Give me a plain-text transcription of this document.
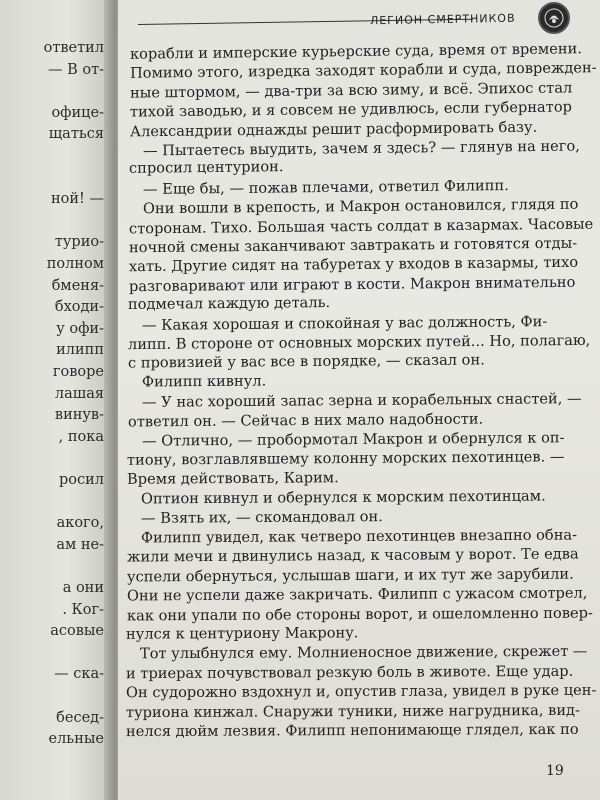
ответил
— В от-
офице-
щаться
ной! —
турио-
полном
бменя-
бходи-
у офи-
илипп
говоре
лашая
винув-
, пока
росил
акого,
ам не-
а они
. Ког-
асовые
— ска-
бесед-
ельные
ЛЕГИОН СМЕРТНИКОВ
корабли и имперские курьерские суда, время от времени.
Помимо этого, изредка заходят корабли и суда, поврежден-
ные штормом, — два-три за всю зиму, и всё. Эпихос стал
тихой заводью, и я совсем не удивлюсь, если губернатор
Александрии однажды решит расформировать базу.
— Пытаетесь выудить, зачем я здесь? — глянув на него,
спросил центурион.
— Еще бы, — пожав плечами, ответил Филипп.
Они вошли в крепость, и Макрон остановился, глядя по
сторонам. Тихо. Большая часть солдат в казармах. Часовые
ночной смены заканчивают завтракать и готовятся отды-
хать. Другие сидят на табуретах у входов в казармы, тихо
разговаривают или играют в кости. Макрон внимательно
подмечал каждую деталь.
— Какая хорошая и спокойная у вас должность, Фи-
липп. В стороне от основных морских путей... Но, полагаю,
с провизией у вас все в порядке, — сказал он.
Филипп кивнул.
— У нас хороший запас зерна и корабельных снастей, —
ответил он. — Сейчас в них мало надобности.
— Отлично, — пробормотал Макрон и обернулся к оп-
тиону, возглавлявшему колонну морских пехотинцев. —
Время действовать, Карим.
Оптион кивнул и обернулся к морским пехотинцам.
— Взять их, — скомандовал он.
Филипп увидел, как четверо пехотинцев внезапно обна-
жили мечи и двинулись назад, к часовым у ворот. Те едва
успели обернуться, услышав шаги, и их тут же зарубили.
Они не успели даже закричать. Филипп с ужасом смотрел,
как они упали по обе стороны ворот, и ошеломленно повер-
нулся к центуриону Макрону.
Тот улыбнулся ему. Молниеносное движение, скрежет —
и триерах почувствовал резкую боль в животе. Еще удар.
Он судорожно вздохнул и, опустив глаза, увидел в руке цен-
туриона кинжал. Снаружи туники, ниже нагрудника, вид-
нелся дюйм лезвия. Филипп непонимающе глядел, как по
19
